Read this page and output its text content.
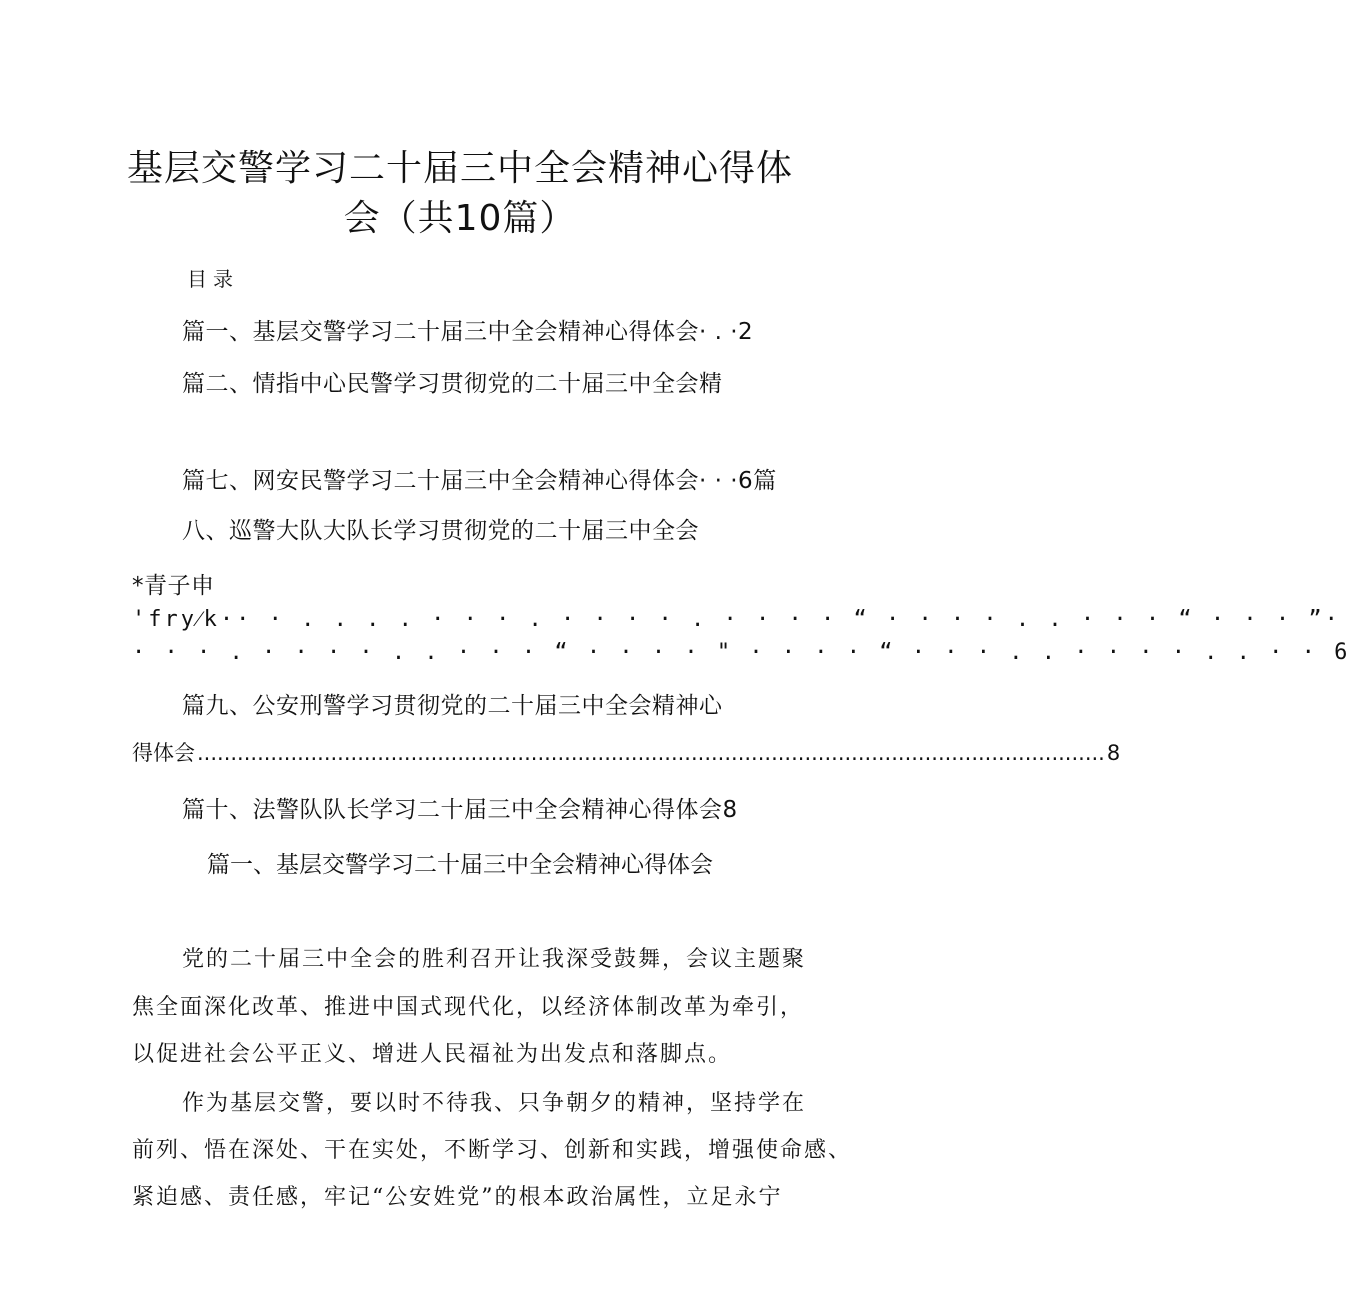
基层交警学习二十届三中全会精神心得体
会（共10篇）
目录
篇一、基层交警学习二十届三中全会精神心得体会· . ·2
篇二、情指中心民警学习贯彻党的二十届三中全会精
篇七、网安民警学习二十届三中全会精神心得体会· · ·6篇
八、巡警大队大队长学习贯彻党的二十届三中全会
*青子申
'fry⁄k·· · . . . . · · · . · · · · . · · · · “ · · · · . . · · · “ · · · ”·
· · · . · · · · . . · · · “ · · · · " · · · · “ · · · . . · · · · . . · · 6
篇九、公安刑警学习贯彻党的二十届三中全会精神心
得体会 ........................................................................................................................................ 8
篇十、法警队队长学习二十届三中全会精神心得体会8
篇一、基层交警学习二十届三中全会精神心得体会
党的二十届三中全会的胜利召开让我深受鼓舞，会议主题聚
焦全面深化改革、推进中国式现代化，以经济体制改革为牵引，
以促进社会公平正义、增进人民福祉为出发点和落脚点。
作为基层交警，要以时不待我、只争朝夕的精神，坚持学在
前列、悟在深处、干在实处，不断学习、创新和实践，增强使命感、
紧迫感、责任感，牢记“公安姓党”的根本政治属性，立足永宁
